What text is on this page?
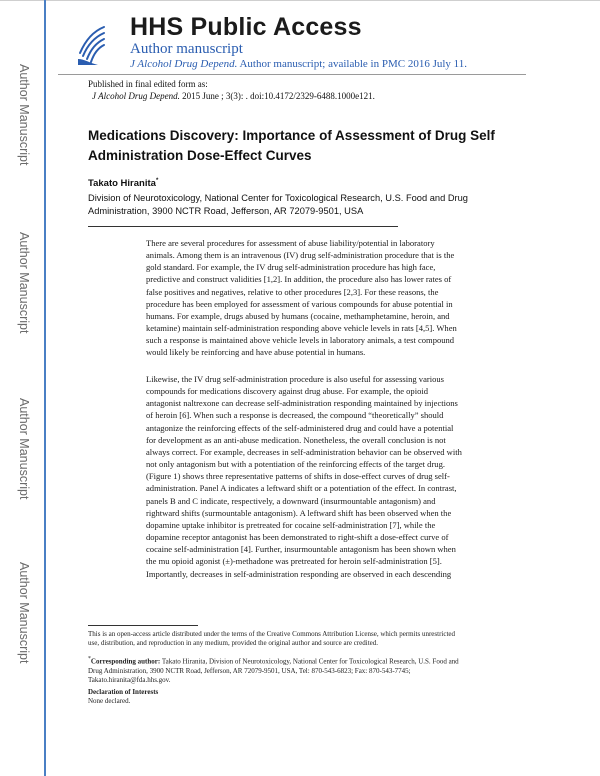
HHS Public Access
Author manuscript
J Alcohol Drug Depend. Author manuscript; available in PMC 2016 July 11.
Author Manuscript
Author Manuscript
Author Manuscript
Author Manuscript
Published in final edited form as:
J Alcohol Drug Depend. 2015 June ; 3(3): . doi:10.4172/2329-6488.1000e121.
Medications Discovery: Importance of Assessment of Drug Self Administration Dose-Effect Curves
Takato Hiranita*
Division of Neurotoxicology, National Center for Toxicological Research, U.S. Food and Drug
Administration, 3900 NCTR Road, Jefferson, AR 72079-9501, USA
There are several procedures for assessment of abuse liability/potential in laboratory
animals. Among them is an intravenous (IV) drug self-administration procedure that is the
gold standard. For example, the IV drug self-administration procedure has high face,
predictive and construct validities [1,2]. In addition, the procedure also has lower rates of
false positives and negatives, relative to other procedures [2,3]. For these reasons, the
procedure has been employed for assessment of various compounds for abuse potential in
humans. For example, drugs abused by humans (cocaine, methamphetamine, heroin, and
ketamine) maintain self-administration responding above vehicle levels in rats [4,5]. When
such a response is maintained above vehicle levels in laboratory animals, a test compound
would likely be reinforcing and have abuse potential in humans.
Likewise, the IV drug self-administration procedure is also useful for assessing various
compounds for medications discovery against drug abuse. For example, the opioid
antagonist naltrexone can decrease self-administration responding maintained by injections
of heroin [6]. When such a response is decreased, the compound “theoretically” should
antagonize the reinforcing effects of the self-administered drug and could have a potential
for development as an anti-abuse medication. Nonetheless, the overall conclusion is not
always correct. For example, decreases in self-administration behavior can be observed with
not only antagonism but with a potentiation of the reinforcing effects of the target drug.
(Figure 1) shows three representative patterns of shifts in dose-effect curves of drug self-
administration. Panel A indicates a leftward shift or a potentiation of the effect. In contrast,
panels B and C indicate, respectively, a downward (insurmountable antagonism) and
rightward shifts (surmountable antagonism). A leftward shift has been observed when the
dopamine uptake inhibitor is pretreated for cocaine self-administration [7], while the
dopamine receptor antagonist has been demonstrated to right-shift a dose-effect curve of
cocaine self-administration [4]. Further, insurmountable antagonism has been shown when
the mu opioid agonist (±)-methadone was pretreated for heroin self-administration [5].
Importantly, decreases in self-administration responding are observed in each descending
This is an open-access article distributed under the terms of the Creative Commons Attribution License, which permits unrestricted
use, distribution, and reproduction in any medium, provided the original author and source are credited.
*Corresponding author: Takato Hiranita, Division of Neurotoxicology, National Center for Toxicological Research, U.S. Food and
Drug Administration, 3900 NCTR Road, Jefferson, AR 72079-9501, USA, Tel: 870-543-6823; Fax: 870-543-7745;
Takato.hiranita@fda.hhs.gov.
Declaration of Interests
None declared.
